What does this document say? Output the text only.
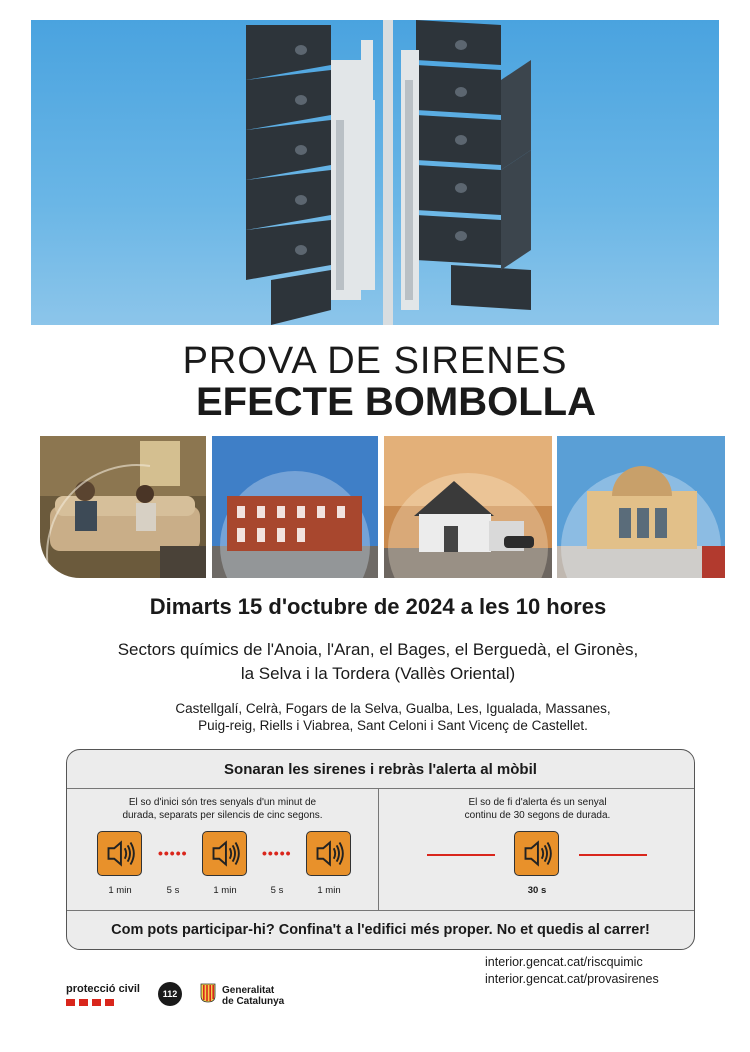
PROVA DE SIRENES
EFECTE BOMBOLLA
Dimarts 15 d'octubre de 2024 a les 10 hores
Sectors químics de l'Anoia, l'Aran, el Bages, el Berguedà, el Gironès,
la Selva i la Tordera (Vallès Oriental)
Castellgalí, Celrà, Fogars de la Selva, Gualba, Les, Igualada, Massanes,
Puig-reig, Riells i Viabrea, Sant Celoni i Sant Vicenç de Castellet.
Sonaran les sirenes i rebràs l'alerta al mòbil
El so d'inici són tres senyals d'un minut de
durada, separats per silencis de cinc segons.
•••••	•••••
1 min	5 s	1 min	5 s	1 min
El so de fi d'alerta és un senyal
continu de 30 segons de durada.
30 s
Com pots participar-hi? Confina't a l'edifici més proper. No et quedis al carrer!
interior.gencat.cat/riscquimic
interior.gencat.cat/provasirenes
protecció civil	112	Generalitat
de Catalunya
